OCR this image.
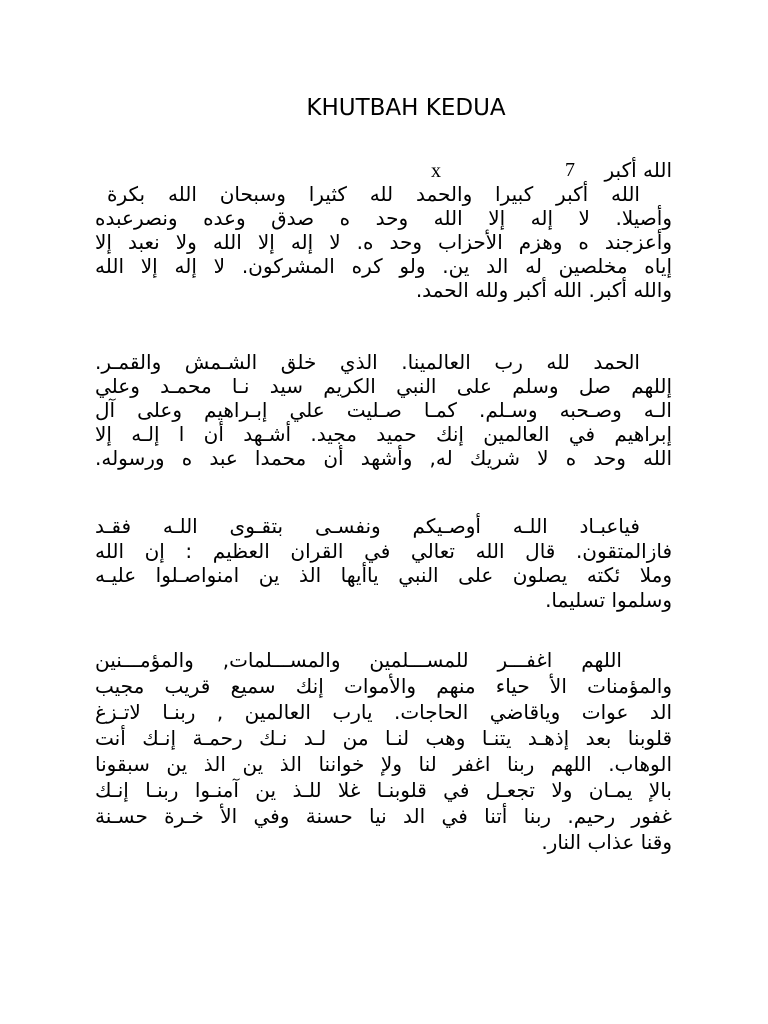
KHUTBAH KEDUA
الله أكبر
7
x
الله أكبر كبيرا والحمد لله كثيرا وسبحان الله بكرة
وأصيلا. لا إله إلا الله وحد ه صدق وعده ونصرعبده
وأعزجند ه وهزم الأحزاب وحد ه. لا إله إلا الله ولا نعبد إلا
إياه مخلصين له الد ين. ولو كره المشركون. لا إله إلا الله
والله أكبر. الله أكبر ولله الحمد.
الحمد لله رب العالمينا. الذي خلق الشـمش والقمـر.
إللهم صل وسلم على النبي الكريم سيد نـا محمـد وعلي
الـه وصـحبه وسـلم. كمـا صـليت علي إبـراهيم وعلى آل
إبراهيم في العالمين إنك حميد مجيد. أشـهد أن ا إلـه إلا
الله وحد ه لا شريك له, وأشهد أن محمدا عبد ه ورسوله.
فياعبـاد اللـه أوصـيكم ونفسـى بتقـوى اللـه فقـد
فازالمتقون. قال الله تعالي في القران العظيم : إن الله
وملا ئكته يصلون على النبي ياأيها الذ ين امنواصـلوا عليـه
وسلموا تسليما.
اللهم اغفـــر للمســـلمين والمســـلمات, والمؤمـــنين
والمؤمنات الأ حياء منهم والأموات إنك سميع قريب مجيب
الد عوات وياقاضي الحاجات. يارب العالمين , ربنـا لاتـزغ
قلوبنا بعد إذهـد يتنـا وهب لنـا من لـد نـك رحمـة إنـك أنت
الوهاب. اللهم ربنا اغفر لنا ولإ خواننا الذ ين الذ ين سبقونا
بالإ يمـان ولا تجعـل في قلوبنـا غلا للـذ ين آمنـوا ربنـا إنـك
غفور رحيم. ربنا أتنا في الد نيا حسنة وفي الأ خـرة حسـنة
وقنا عذاب النار.
